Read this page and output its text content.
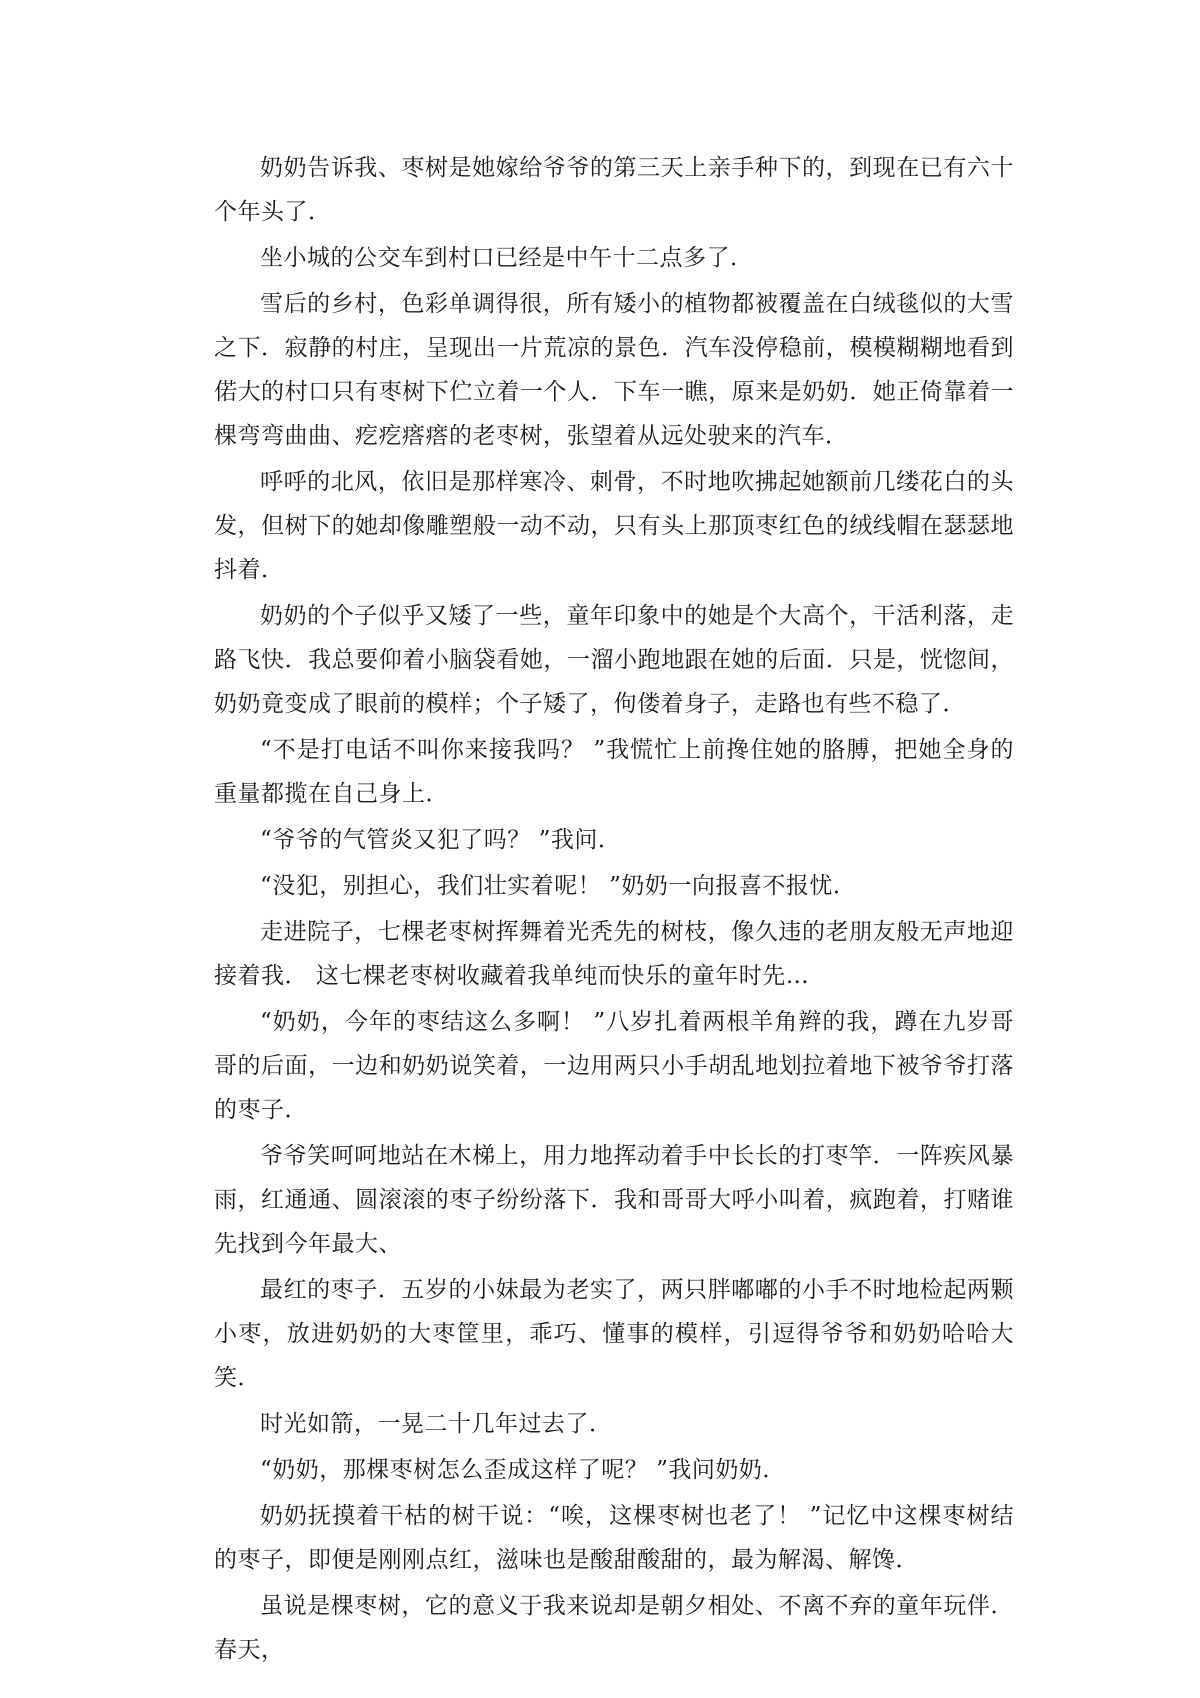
奶奶告诉我、枣树是她嫁给爷爷的第三天上亲手种下的，到现在已有六十个年头了．

坐小城的公交车到村口已经是中午十二点多了．

雪后的乡村，色彩单调得很，所有矮小的植物都被覆盖在白绒毯似的大雪之下．寂静的村庄，呈现出一片荒凉的景色．汽车没停稳前，模模糊糊地看到偌大的村口只有枣树下伫立着一个人．下车一瞧，原来是奶奶．她正倚靠着一棵弯弯曲曲、疙疙瘩瘩的老枣树，张望着从远处驶来的汽车．

呼呼的北风，依旧是那样寒冷、刺骨，不时地吹拂起她额前几缕花白的头发，但树下的她却像雕塑般一动不动，只有头上那顶枣红色的绒线帽在瑟瑟地抖着．

奶奶的个子似乎又矮了一些，童年印象中的她是个大高个，干活利落，走路飞快．我总要仰着小脑袋看她，一溜小跑地跟在她的后面．只是，恍惚间，奶奶竟变成了眼前的模样；个子矮了，佝偻着身子，走路也有些不稳了．

“不是打电话不叫你来接我吗？ ”我慌忙上前搀住她的胳膊，把她全身的重量都揽在自己身上．

“爷爷的气管炎又犯了吗？ ”我问．

“没犯，别担心，我们壮实着呢！ ”奶奶一向报喜不报忧．

走进院子，七棵老枣树挥舞着光秃先的树枝，像久违的老朋友般无声地迎接着我． 这七棵老枣树收藏着我单纯而快乐的童年时先…

“奶奶，今年的枣结这么多啊！ ”八岁扎着两根羊角辫的我，蹲在九岁哥哥的后面，一边和奶奶说笑着，一边用两只小手胡乱地划拉着地下被爷爷打落的枣子．

爷爷笑呵呵地站在木梯上，用力地挥动着手中长长的打枣竿．一阵疾风暴雨，红通通、圆滚滚的枣子纷纷落下．我和哥哥大呼小叫着，疯跑着，打赌谁先找到今年最大、

最红的枣子．五岁的小妹最为老实了，两只胖嘟嘟的小手不时地检起两颗小枣，放进奶奶的大枣筐里，乖巧、懂事的模样，引逗得爷爷和奶奶哈哈大笑．

时光如箭，一晃二十几年过去了．

“奶奶，那棵枣树怎么歪成这样了呢？ ”我问奶奶．

奶奶抚摸着干枯的树干说：“唉，这棵枣树也老了！ ”记忆中这棵枣树结的枣子，即便是刚刚点红，滋味也是酸甜酸甜的，最为解渴、解馋．

虽说是棵枣树，它的意义于我来说却是朝夕相处、不离不弃的童年玩伴．春天，
